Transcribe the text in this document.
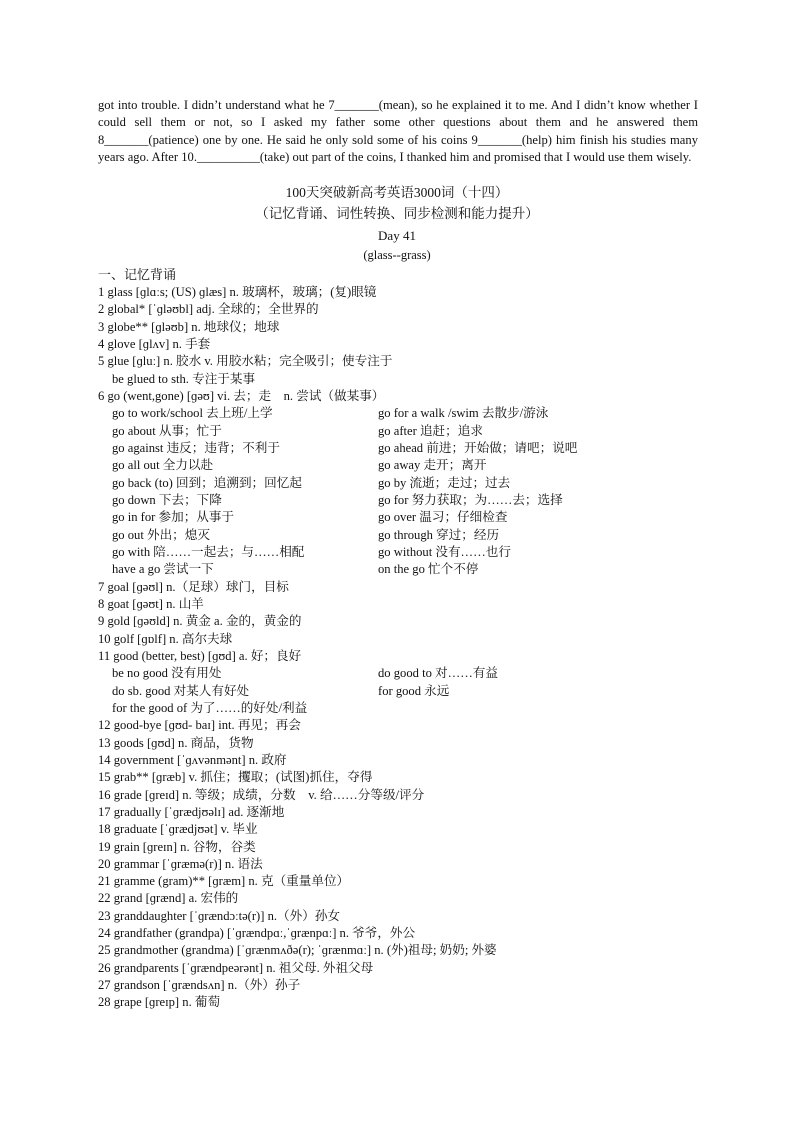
got into trouble. I didn’t understand what he 7_______(mean), so he explained it to me. And I didn’t know whether I could sell them or not, so I asked my father some other questions about them and he answered them 8_______(patience) one by one. He said he only sold some of his coins 9_______(help) him finish his studies many years ago. After 10.__________(take) out part of the coins, I thanked him and promised that I would use them wisely.
100天突破新高考英语3000词（十四）
（记忆背诵、词性转换、同步检测和能力提升）
Day 41
(glass--grass)
一、记忆背诵
1 glass [ɡlɑːs; (US) ɡlæs] n. 玻璃杯，玻璃；(复)眼镜
2 global* [ˈɡləʊbl] adj. 全球的；全世界的
3 globe** [ɡləʊb] n. 地球仪；地球
4 glove [ɡlʌv] n. 手套
5 glue [ɡluː] n. 胶水 v. 用胶水粘；完全吸引；使专注于
be glued to sth. 专注于某事
6 go (went,gone) [ɡəʊ] vi. 去；走　n. 尝试（做某事）
go to work/school 去上班/上学	go for a walk /swim 去散步/游泳
go about 从事；忙于	go after 追赶；追求
go against 违反；违背；不利于	go ahead 前进；开始做；请吧；说吧
go all out 全力以赴	go away 走开；离开
go back (to) 回到；追溯到；回忆起	go by 流逝；走过；过去
go down 下去；下降	go for 努力获取；为……去；选择
go in for 参加；从事于	go over 温习；仔细检查
go out 外出；熄灭	go through 穿过；经历
go with 陪……一起去；与……相配	go without 没有……也行
have a go 尝试一下	on the go 忙个不停
7 goal [ɡəʊl] n.（足球）球门，目标
8 goat [ɡəʊt] n. 山羊
9 gold [ɡəʊld] n. 黄金 a. 金的，黄金的
10 golf [ɡɒlf] n. 高尔夫球
11 good (better, best) [ɡʊd] a. 好；良好
be no good 没有用处	do good to 对……有益
do sb. good 对某人有好处	for good 永远
for the good of 为了……的好处/利益
12 good-bye [ɡʊd- baɪ] int. 再见；再会
13 goods [ɡʊd] n. 商品，货物
14 government [ˈɡʌvənmənt] n. 政府
15 grab** [ɡræb] v. 抓住；攫取；(试图)抓住，夺得
16 grade [ɡreɪd] n. 等级；成绩，分数　v. 给……分等级/评分
17 gradually [ˈɡrædjʊəlɪ] ad. 逐渐地
18 graduate [ˈɡrædjʊət] v. 毕业
19 grain [ɡreɪn] n. 谷物，谷类
20 grammar [ˈɡræmə(r)] n. 语法
21 gramme (gram)** [ɡræm] n. 克（重量单位）
22 grand [ɡrænd] a. 宏伟的
23 granddaughter [ˈɡrændɔːtə(r)] n.（外）孙女
24 grandfather (grandpa) [ˈɡrændpɑː,ˈɡrænpɑː] n. 爷爷，外公
25 grandmother (grandma) [ˈɡrænmʌðə(r); ˈɡrænmɑː] n. (外)祖母; 奶奶; 外婆
26 grandparents [ˈɡrændpeərənt] n. 祖父母. 外祖父母
27 grandson [ˈɡrændsʌn] n.（外）孙子
28 grape [ɡreɪp] n. 葡萄
